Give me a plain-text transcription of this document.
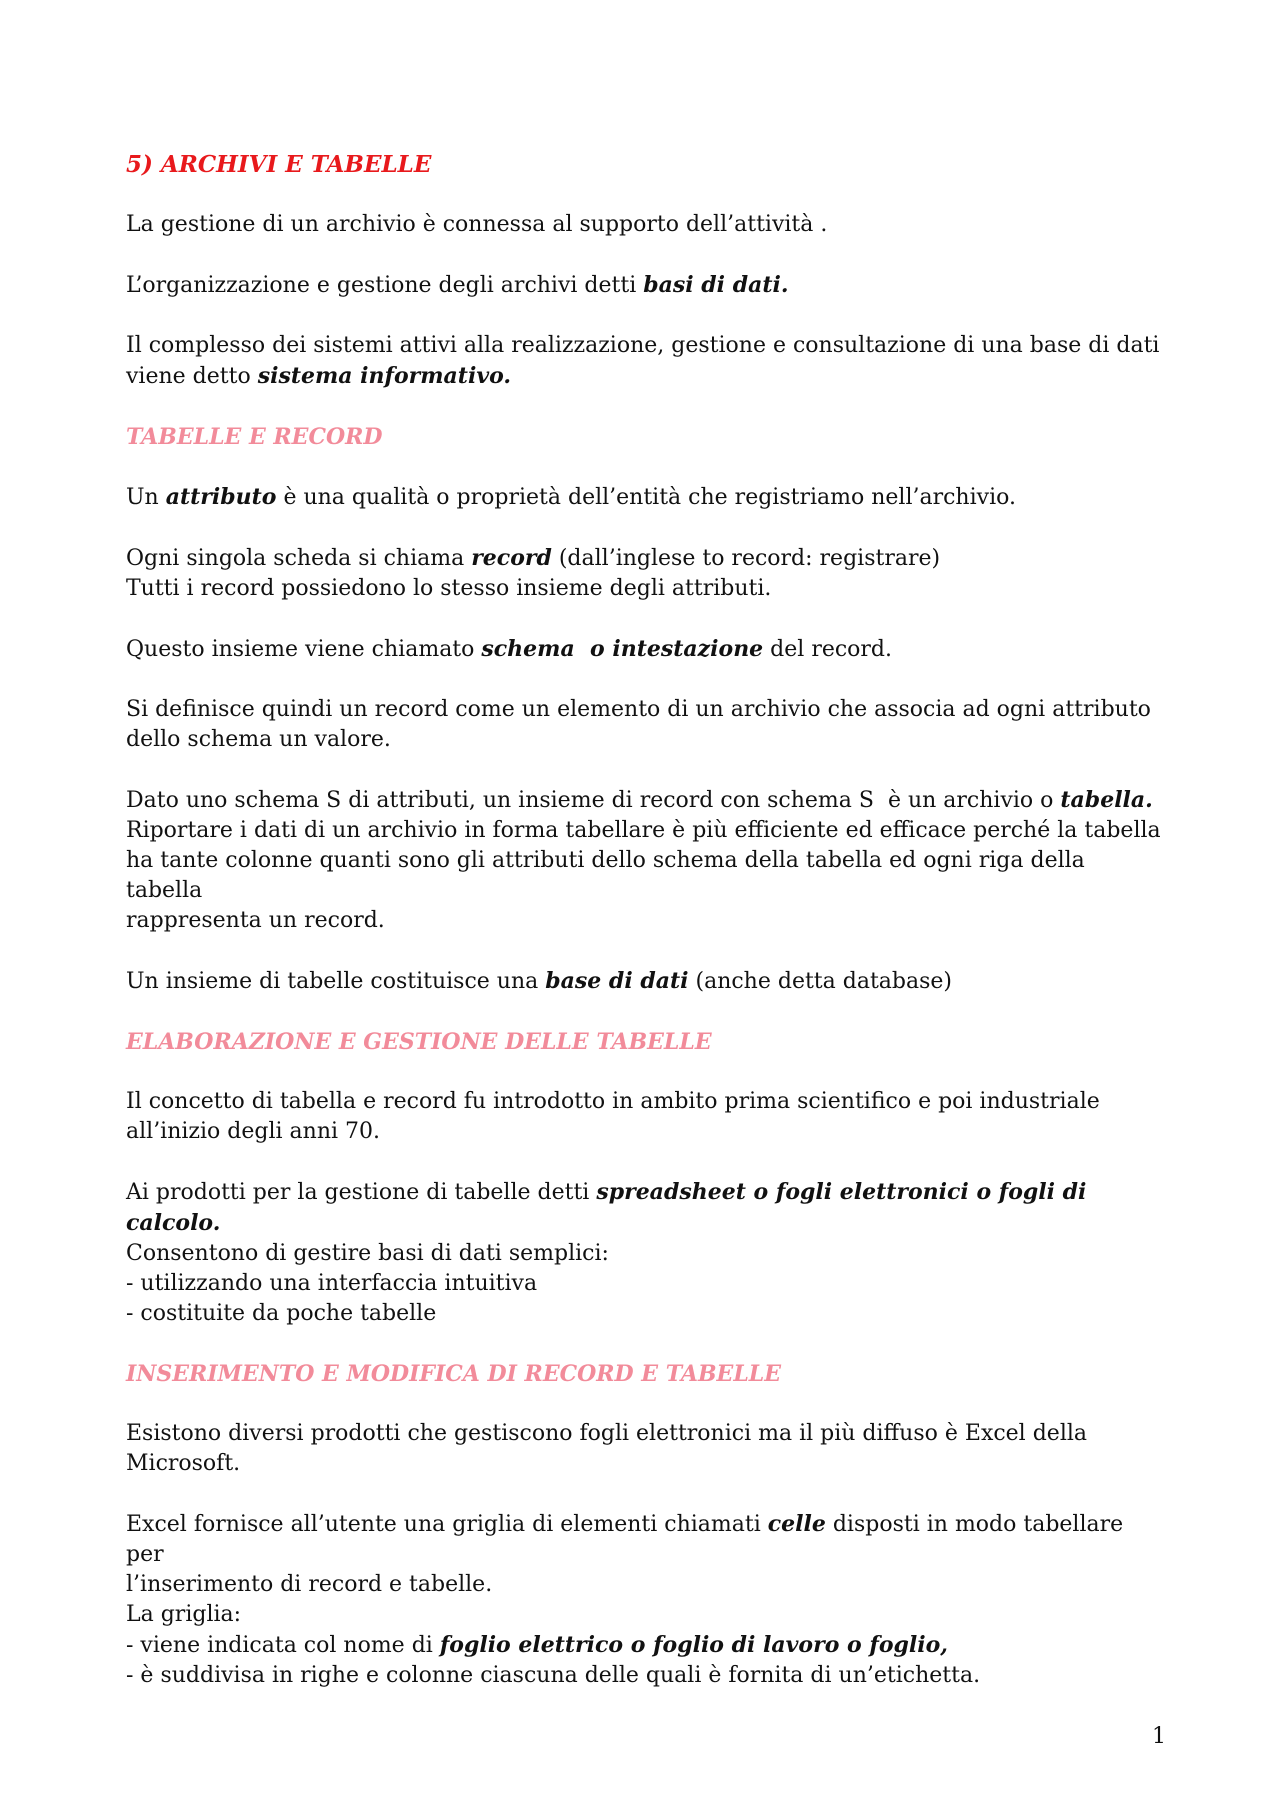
5) ARCHIVI E TABELLE

La gestione di un archivio è connessa al supporto dell’attività .

L’organizzazione e gestione degli archivi detti basi di dati.

Il complesso dei sistemi attivi alla realizzazione, gestione e consultazione di una base di dati
viene detto sistema informativo.

TABELLE E RECORD

Un attributo è una qualità o proprietà dell’entità che registriamo nell’archivio.

Ogni singola scheda si chiama record (dall’inglese to record: registrare)
Tutti i record possiedono lo stesso insieme degli attributi.

Questo insieme viene chiamato schema  o intestazione del record.

Si definisce quindi un record come un elemento di un archivio che associa ad ogni attributo
dello schema un valore.

Dato uno schema S di attributi, un insieme di record con schema S  è un archivio o tabella.
Riportare i dati di un archivio in forma tabellare è più efficiente ed efficace perché la tabella
ha tante colonne quanti sono gli attributi dello schema della tabella ed ogni riga della tabella
rappresenta un record.

Un insieme di tabelle costituisce una base di dati (anche detta database)

ELABORAZIONE E GESTIONE DELLE TABELLE

Il concetto di tabella e record fu introdotto in ambito prima scientifico e poi industriale
all’inizio degli anni 70.

Ai prodotti per la gestione di tabelle detti spreadsheet o fogli elettronici o fogli di calcolo.
Consentono di gestire basi di dati semplici:
- utilizzando una interfaccia intuitiva
- costituite da poche tabelle

INSERIMENTO E MODIFICA DI RECORD E TABELLE

Esistono diversi prodotti che gestiscono fogli elettronici ma il più diffuso è Excel della
Microsoft.

Excel fornisce all’utente una griglia di elementi chiamati celle disposti in modo tabellare per
l’inserimento di record e tabelle.
La griglia:
- viene indicata col nome di foglio elettrico o foglio di lavoro o foglio,
- è suddivisa in righe e colonne ciascuna delle quali è fornita di un’etichetta.

1
